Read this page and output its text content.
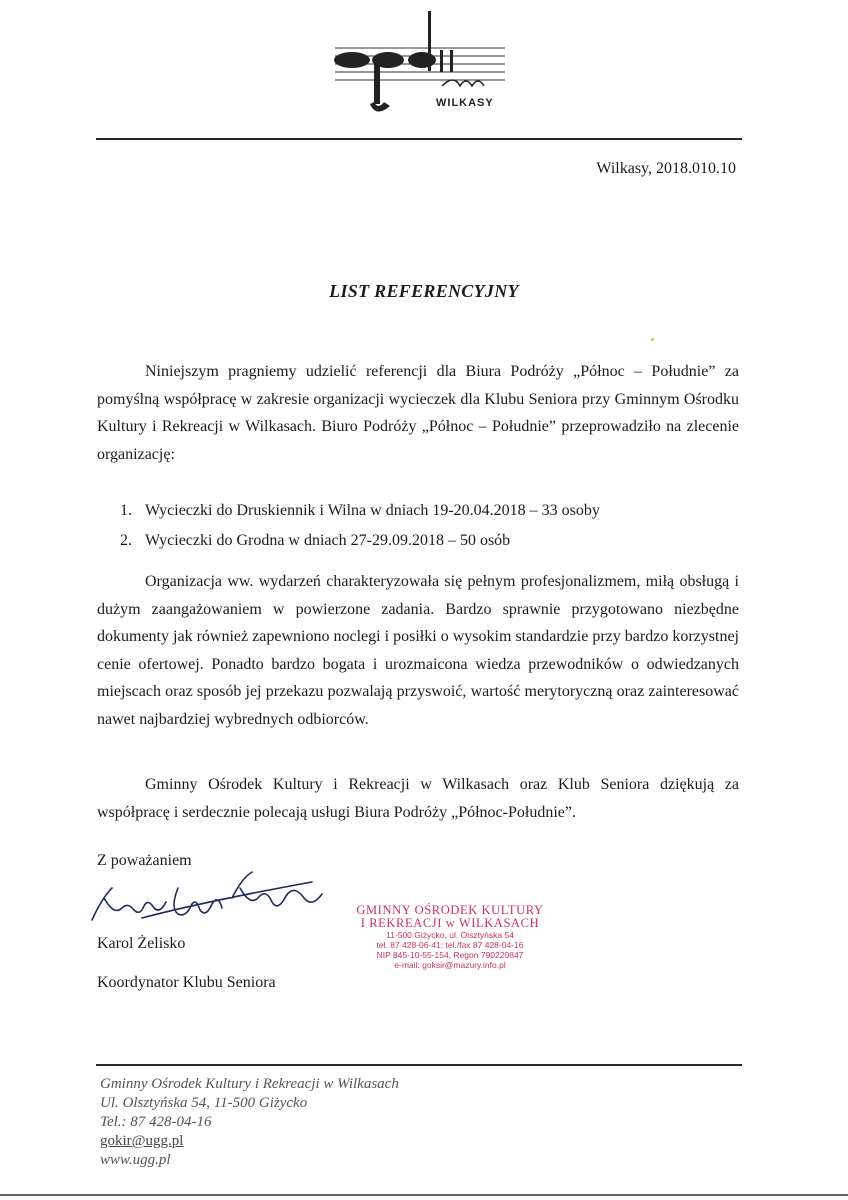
WILKASY
Wilkasy, 2018.010.10
LIST REFERENCYJNY

Niniejszym pragniemy udzielić referencji dla Biura Podróży „Północ – Południe” za pomyślną współpracę w zakresie organizacji wycieczek dla Klubu Seniora przy Gminnym Ośrodku Kultury i Rekreacji w Wilkasach. Biuro Podróży „Północ – Południe” przeprowadziło na zlecenie organizację:

1. Wycieczki do Druskiennik i Wilna w dniach 19-20.04.2018 – 33 osoby
2. Wycieczki do Grodna w dniach 27-29.09.2018 – 50 osób

Organizacja ww. wydarzeń charakteryzowała się pełnym profesjonalizmem, miłą obsługą i dużym zaangażowaniem w powierzone zadania. Bardzo sprawnie przygotowano niezbędne dokumenty jak również zapewniono noclegi i posiłki o wysokim standardzie przy bardzo korzystnej cenie ofertowej. Ponadto bardzo bogata i urozmaicona wiedza przewodników o odwiedzanych miejscach oraz sposób jej przekazu pozwalają przyswoić, wartość merytoryczną oraz zainteresować nawet najbardziej wybrednych odbiorców.

Gminny Ośrodek Kultury i Rekreacji w Wilkasach oraz Klub Seniora dziękują za współpracę i serdecznie polecają usługi Biura Podróży „Północ-Południe”.

Z poważaniem
Karol Żelisko
Koordynator Klubu Seniora
GMINNY OŚRODEK KULTURY
I REKREACJI w WILKASACH
11-500 Giżycko, ul. Olsztyńska 54
tel. 87 428-06-41; tel./fax 87 428-04-16
NIP 845-10-55-154, Regon 790220847
e-mail: goksir@mazury.info.pl
Gminny Ośrodek Kultury i Rekreacji w Wilkasach
Ul. Olsztyńska 54, 11-500 Giżycko
Tel.: 87 428-04-16
gokir@ugg.pl
www.ugg.pl
